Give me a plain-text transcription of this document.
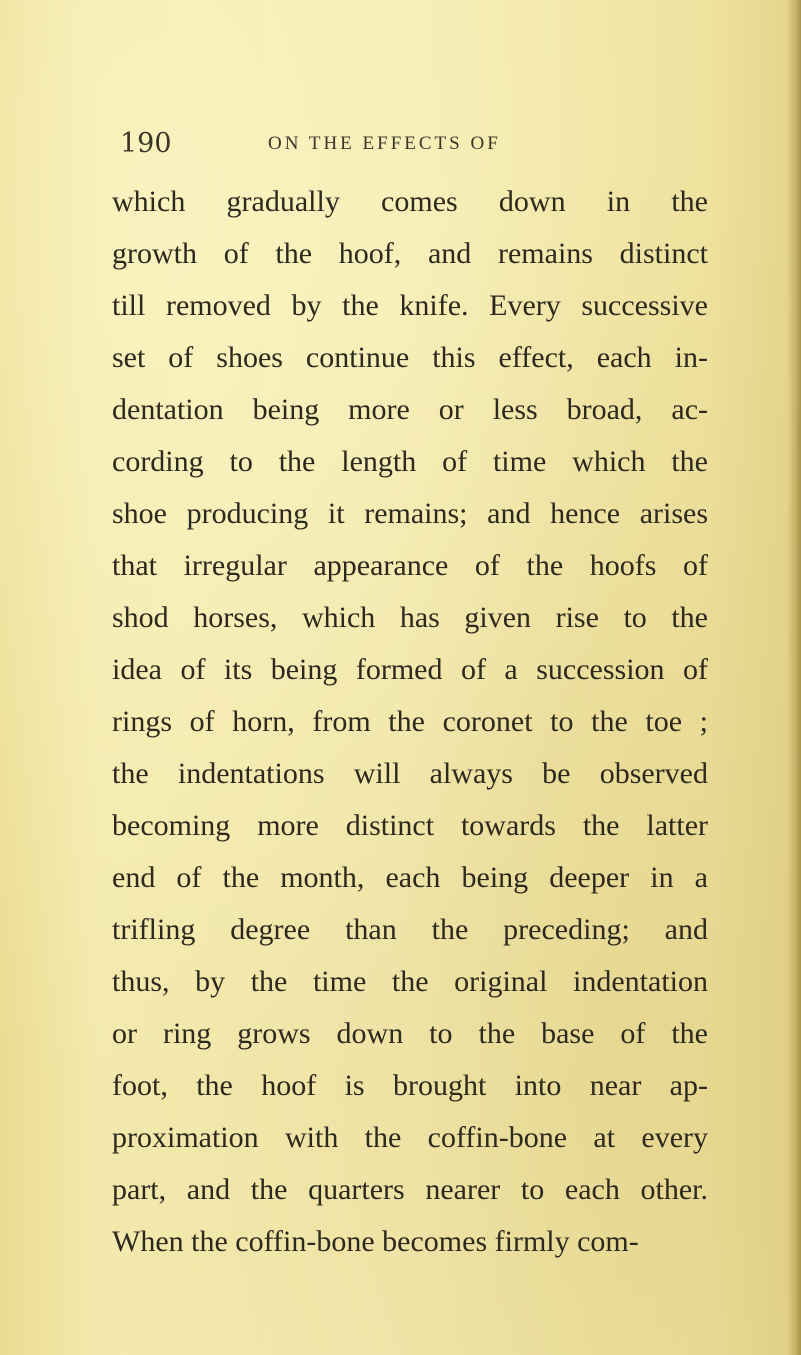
190	ON THE EFFECTS OF
which gradually comes down in the
growth of the hoof, and remains distinct
till removed by the knife. Every successive
set of shoes continue this effect, each in-
dentation being more or less broad, ac-
cording to the length of time which the
shoe producing it remains; and hence arises
that irregular appearance of the hoofs of
shod horses, which has given rise to the
idea of its being formed of a succession of
rings of horn, from the coronet to the toe ;
the indentations will always be observed
becoming more distinct towards the latter
end of the month, each being deeper in a
trifling degree than the preceding; and
thus, by the time the original indentation
or ring grows down to the base of the
foot, the hoof is brought into near ap-
proximation with the coffin-bone at every
part, and the quarters nearer to each other.
When the coffin-bone becomes firmly com-
